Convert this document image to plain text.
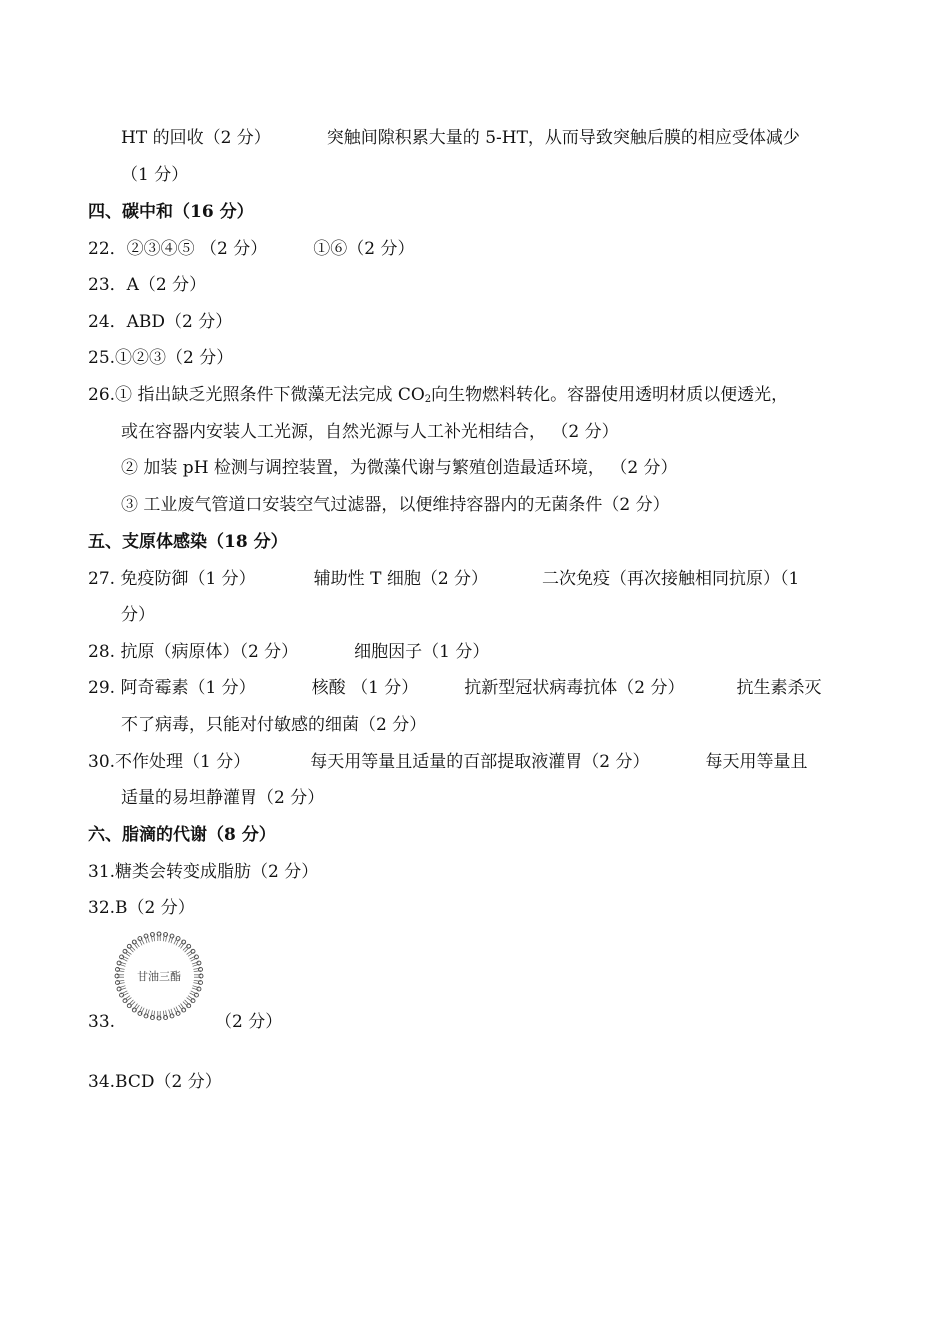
HT 的回收（2 分）	突触间隙积累大量的 5-HT，从而导致突触后膜的相应受体减少
（1 分）
四、碳中和（16 分）
22．②③④⑤ （2 分）	①⑥（2 分）
23．A（2 分）
24．ABD（2 分）
25.①②③（2 分）
26.① 指出缺乏光照条件下微藻无法完成 $CO_2$向生物燃料转化。容器使用透明材质以便透光，
或在容器内安装人工光源，自然光源与人工补光相结合， （2 分）
② 加装 pH 检测与调控装置，为微藻代谢与繁殖创造最适环境， （2 分）
③ 工业废气管道口安装空气过滤器，以便维持容器内的无菌条件（2 分）
五、支原体感染（18 分）
27. 免疫防御（1 分）	辅助性 T 细胞（2 分）	二次免疫（再次接触相同抗原）（1
分）
28. 抗原（病原体）（2 分）	细胞因子（1 分）
29. 阿奇霉素（1 分）	核酸 （1 分）	抗新型冠状病毒抗体（2 分）	抗生素杀灭
不了病毒，只能对付敏感的细菌（2 分）
30.不作处理（1 分）	每天用等量且适量的百部提取液灌胃（2 分）	每天用等量且
适量的易坦静灌胃（2 分）
六、脂滴的代谢（8 分）
31.糖类会转变成脂肪（2 分）
32.B（2 分）
甘油三酯
33.	（2 分）
34.BCD（2 分）
